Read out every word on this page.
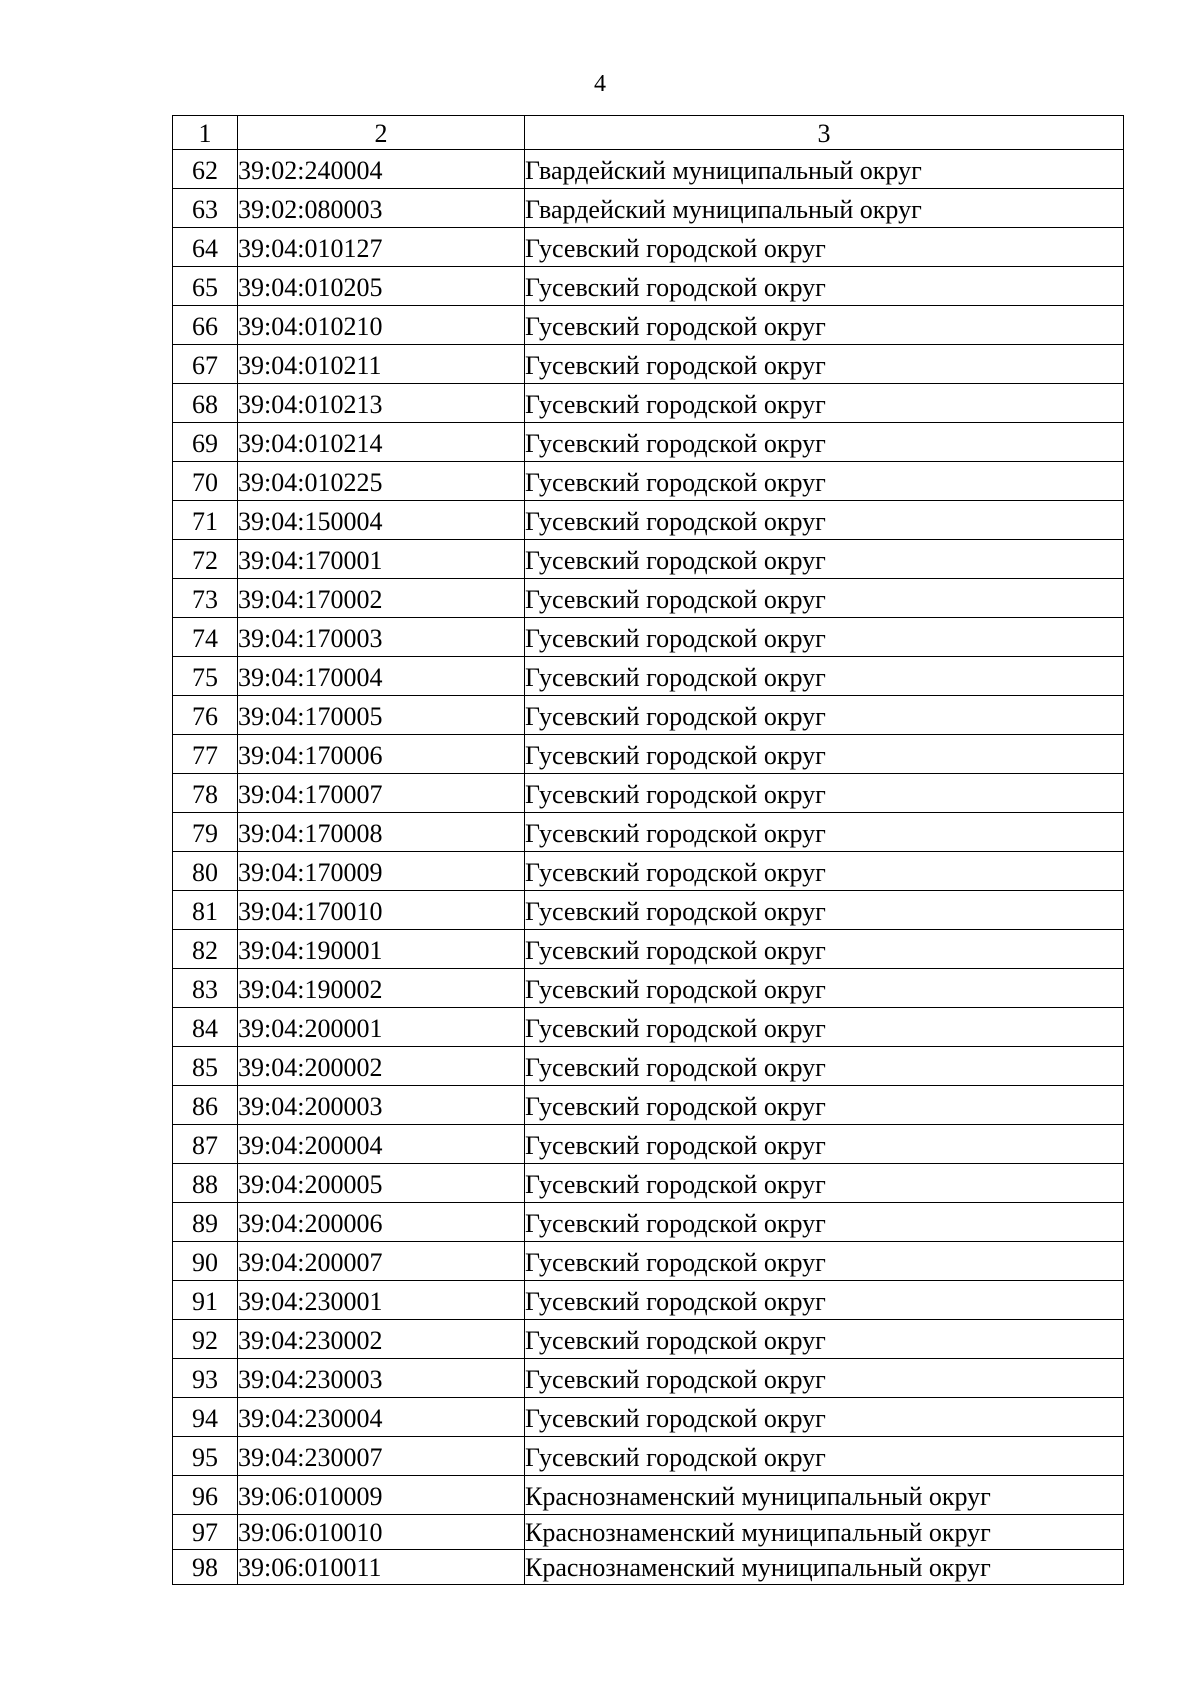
4
1	2	3
62	39:02:240004	Гвардейский муниципальный округ
63	39:02:080003	Гвардейский муниципальный округ
64	39:04:010127	Гусевский городской округ
65	39:04:010205	Гусевский городской округ
66	39:04:010210	Гусевский городской округ
67	39:04:010211	Гусевский городской округ
68	39:04:010213	Гусевский городской округ
69	39:04:010214	Гусевский городской округ
70	39:04:010225	Гусевский городской округ
71	39:04:150004	Гусевский городской округ
72	39:04:170001	Гусевский городской округ
73	39:04:170002	Гусевский городской округ
74	39:04:170003	Гусевский городской округ
75	39:04:170004	Гусевский городской округ
76	39:04:170005	Гусевский городской округ
77	39:04:170006	Гусевский городской округ
78	39:04:170007	Гусевский городской округ
79	39:04:170008	Гусевский городской округ
80	39:04:170009	Гусевский городской округ
81	39:04:170010	Гусевский городской округ
82	39:04:190001	Гусевский городской округ
83	39:04:190002	Гусевский городской округ
84	39:04:200001	Гусевский городской округ
85	39:04:200002	Гусевский городской округ
86	39:04:200003	Гусевский городской округ
87	39:04:200004	Гусевский городской округ
88	39:04:200005	Гусевский городской округ
89	39:04:200006	Гусевский городской округ
90	39:04:200007	Гусевский городской округ
91	39:04:230001	Гусевский городской округ
92	39:04:230002	Гусевский городской округ
93	39:04:230003	Гусевский городской округ
94	39:04:230004	Гусевский городской округ
95	39:04:230007	Гусевский городской округ
96	39:06:010009	Краснознаменский муниципальный округ
97	39:06:010010	Краснознаменский муниципальный округ
98	39:06:010011	Краснознаменский муниципальный округ
